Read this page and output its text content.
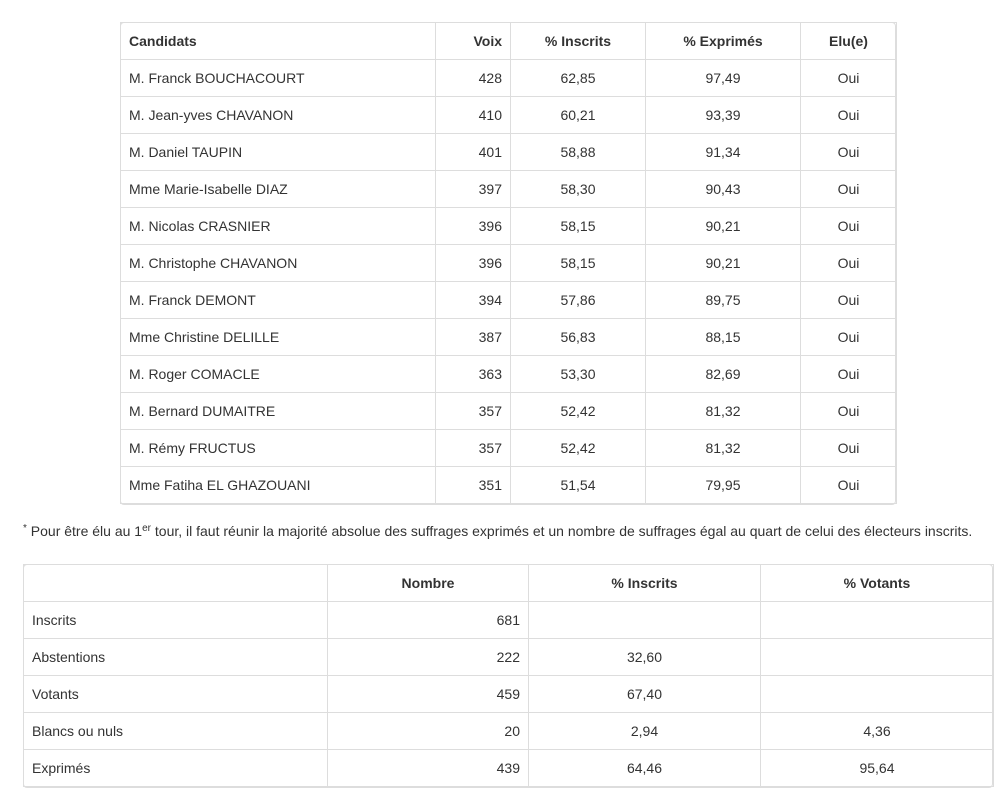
Candidats	Voix	% Inscrits	% Exprimés	Elu(e)
M. Franck BOUCHACOURT	428	62,85	97,49	Oui
M. Jean-yves CHAVANON	410	60,21	93,39	Oui
M. Daniel TAUPIN	401	58,88	91,34	Oui
Mme Marie-Isabelle DIAZ	397	58,30	90,43	Oui
M. Nicolas CRASNIER	396	58,15	90,21	Oui
M. Christophe CHAVANON	396	58,15	90,21	Oui
M. Franck DEMONT	394	57,86	89,75	Oui
Mme Christine DELILLE	387	56,83	88,15	Oui
M. Roger COMACLE	363	53,30	82,69	Oui
M. Bernard DUMAITRE	357	52,42	81,32	Oui
M. Rémy FRUCTUS	357	52,42	81,32	Oui
Mme Fatiha EL GHAZOUANI	351	51,54	79,95	Oui
* Pour être élu au 1er tour, il faut réunir la majorité absolue des suffrages exprimés et un nombre de suffrages égal au quart de celui des électeurs inscrits.
	Nombre	% Inscrits	% Votants
Inscrits	681		
Abstentions	222	32,60	
Votants	459	67,40	
Blancs ou nuls	20	2,94	4,36
Exprimés	439	64,46	95,64
